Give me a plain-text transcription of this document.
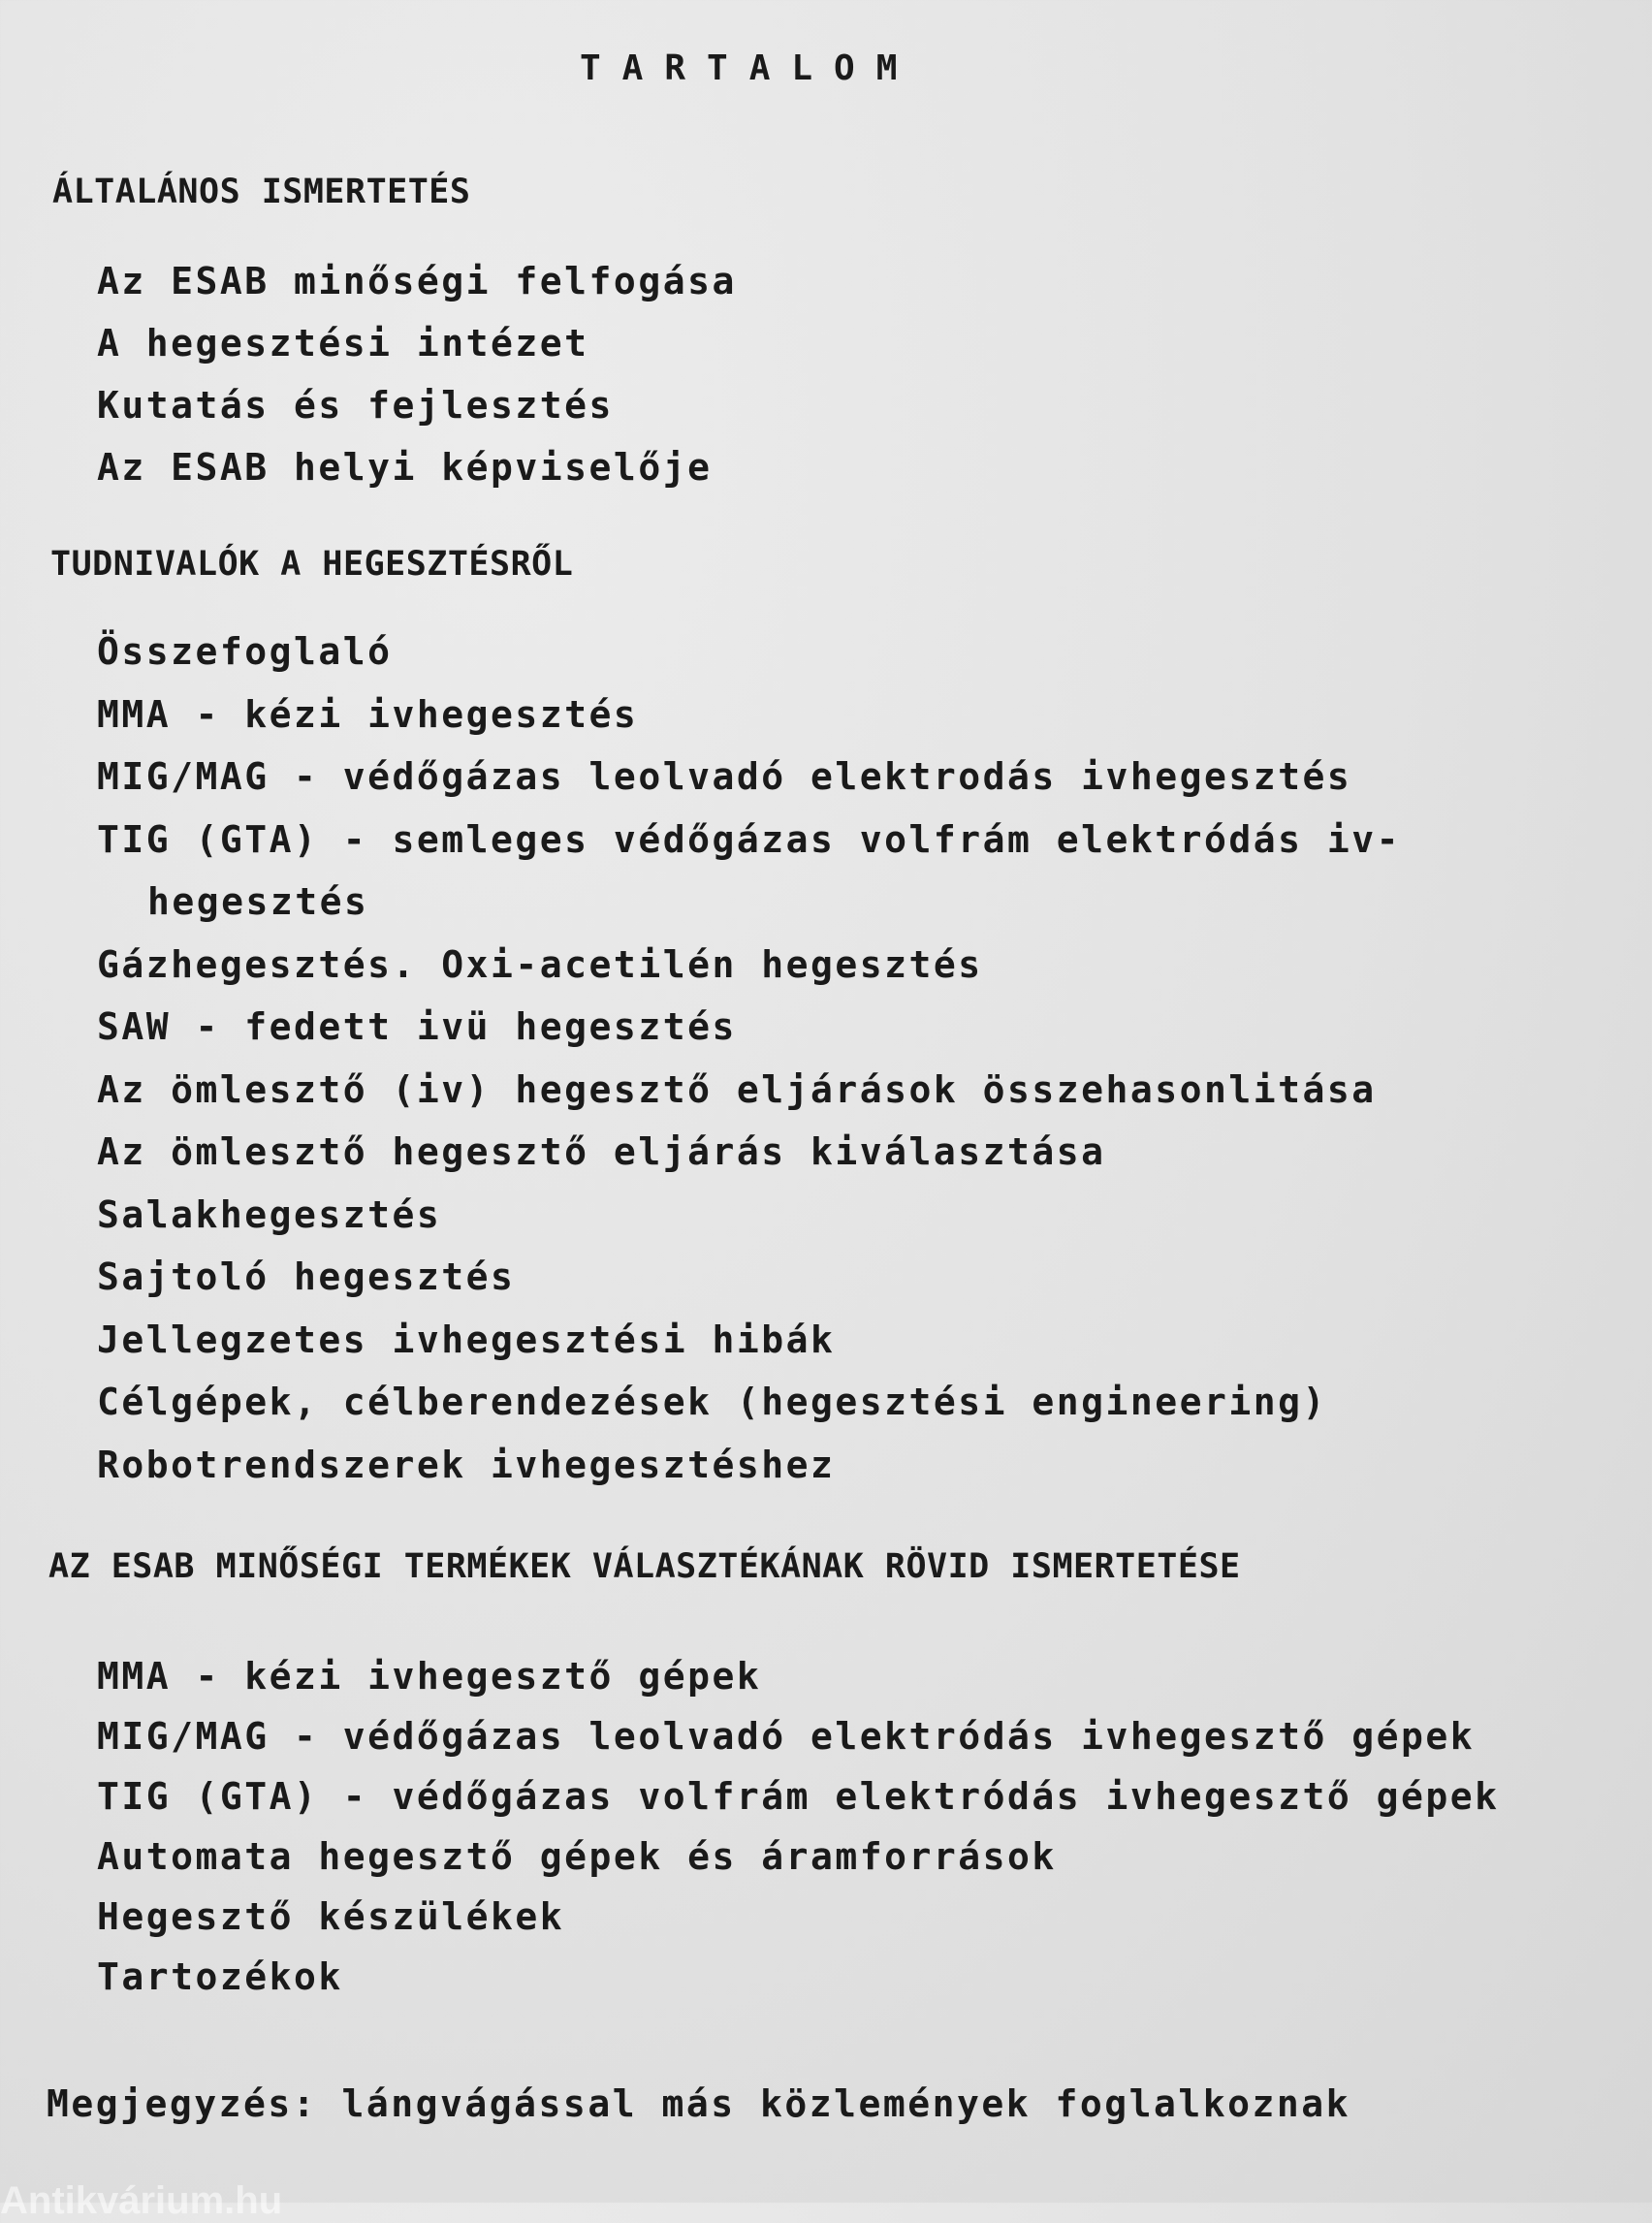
TARTALOM
ÁLTALÁNOS ISMERTETÉS
Az ESAB minőségi felfogása
A hegesztési intézet
Kutatás és fejlesztés
Az ESAB helyi képviselője
TUDNIVALÓK A HEGESZTÉSRŐL
Összefoglaló
MMA - kézi ivhegesztés
MIG/MAG - védőgázas leolvadó elektrodás ivhegesztés
TIG (GTA) - semleges védőgázas volfrám elektródás iv-
hegesztés
Gázhegesztés. Oxi-acetilén hegesztés
SAW - fedett ivü hegesztés
Az ömlesztő (iv) hegesztő eljárások összehasonlitása
Az ömlesztő hegesztő eljárás kiválasztása
Salakhegesztés
Sajtoló hegesztés
Jellegzetes ivhegesztési hibák
Célgépek, célberendezések (hegesztési engineering)
Robotrendszerek ivhegesztéshez
AZ ESAB MINŐSÉGI TERMÉKEK VÁLASZTÉKÁNAK RÖVID ISMERTETÉSE
MMA - kézi ivhegesztő gépek
MIG/MAG - védőgázas leolvadó elektródás ivhegesztő gépek
TIG (GTA) - védőgázas volfrám elektródás ivhegesztő gépek
Automata hegesztő gépek és áramforrások
Hegesztő készülékek
Tartozékok

Megjegyzés: lángvágással más közlemények foglalkoznak

Antikvárium.hu
